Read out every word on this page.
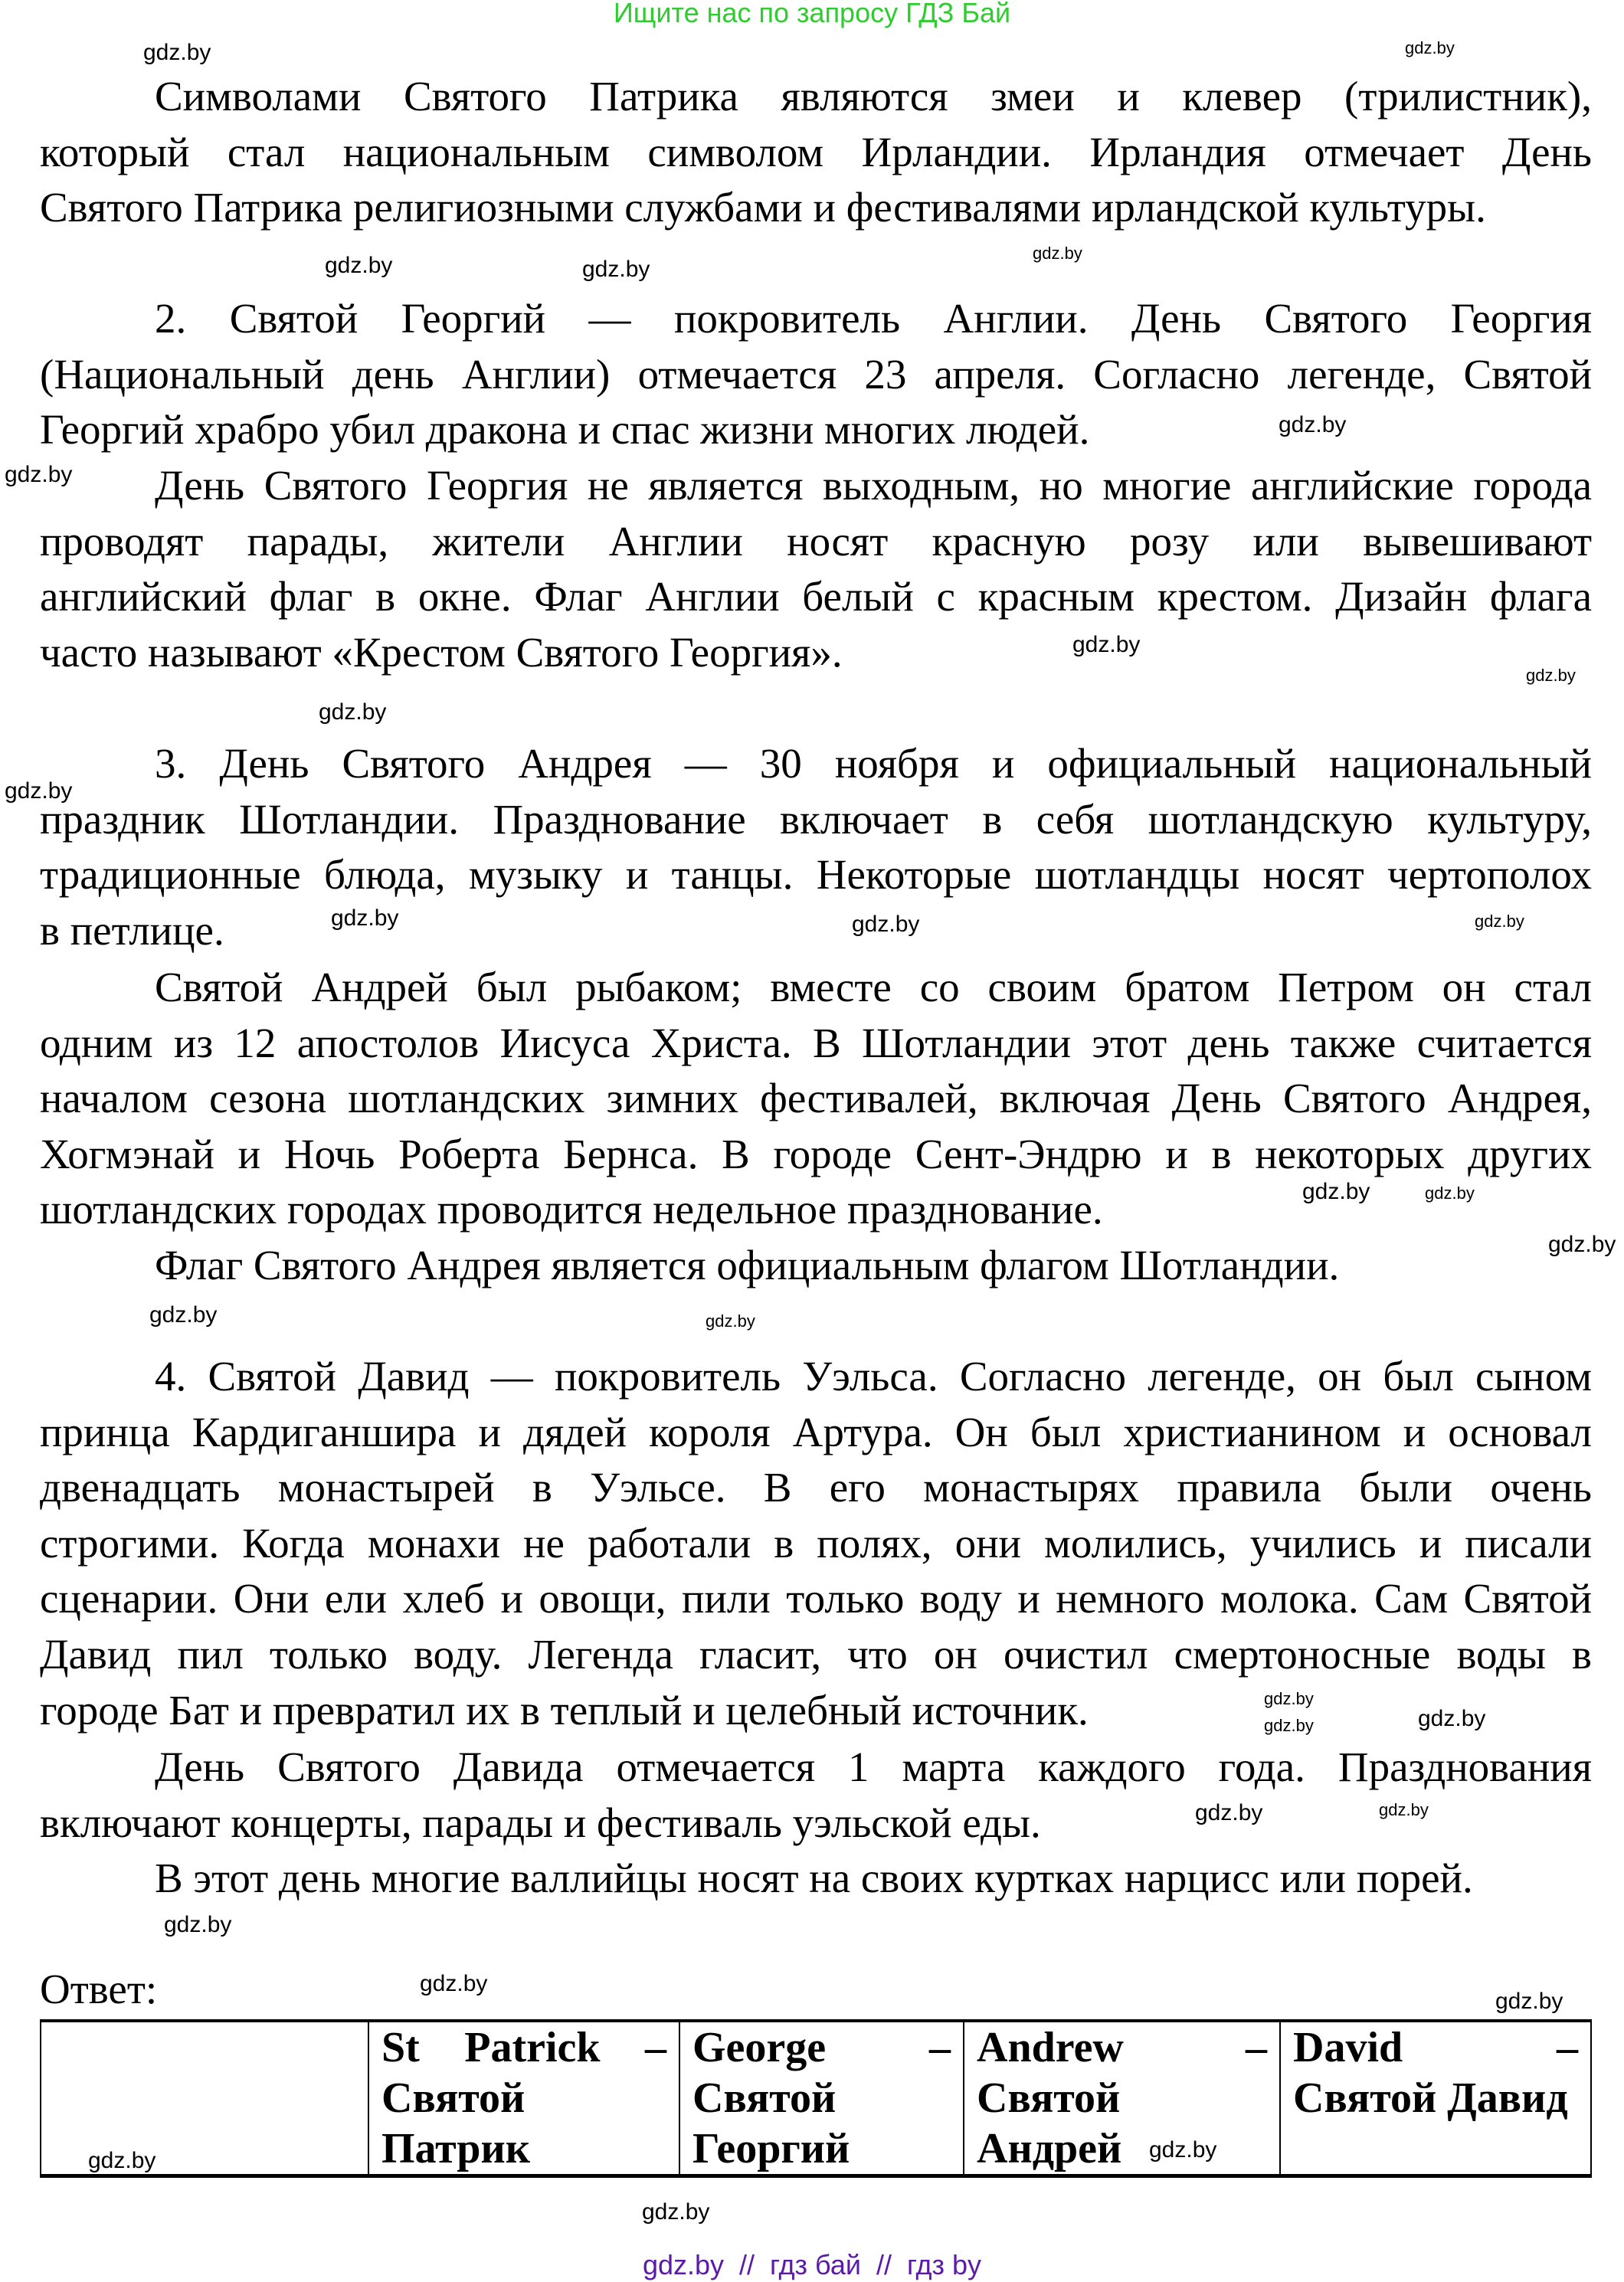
Ищите нас по запросу ГДЗ Бай
Символами Святого Патрика являются змеи и клевер (трилистник),
который стал национальным символом Ирландии. Ирландия отмечает День
Святого Патрика религиозными службами и фестивалями ирландской культуры.
2. Святой Георгий — покровитель Англии. День Святого Георгия
(Национальный день Англии) отмечается 23 апреля. Согласно легенде, Святой
Георгий храбро убил дракона и спас жизни многих людей.
День Святого Георгия не является выходным, но многие английские города
проводят парады, жители Англии носят красную розу или вывешивают
английский флаг в окне. Флаг Англии белый с красным крестом. Дизайн флага
часто называют «Крестом Святого Георгия».
3. День Святого Андрея — 30 ноября и официальный национальный
праздник Шотландии. Празднование включает в себя шотландскую культуру,
традиционные блюда, музыку и танцы. Некоторые шотландцы носят чертополох
в петлице.
Святой Андрей был рыбаком; вместе со своим братом Петром он стал
одним из 12 апостолов Иисуса Христа. В Шотландии этот день также считается
началом сезона шотландских зимних фестивалей, включая День Святого Андрея,
Хогмэнай и Ночь Роберта Бернса. В городе Сент-Эндрю и в некоторых других
шотландских городах проводится недельное празднование.
Флаг Святого Андрея является официальным флагом Шотландии.
4. Святой Давид — покровитель Уэльса. Согласно легенде, он был сыном
принца Кардиганшира и дядей короля Артура. Он был христианином и основал
двенадцать монастырей в Уэльсе. В его монастырях правила были очень
строгими. Когда монахи не работали в полях, они молились, учились и писали
сценарии. Они ели хлеб и овощи, пили только воду и немного молока. Сам Святой
Давид пил только воду. Легенда гласит, что он очистил смертоносные воды в
городе Бат и превратил их в теплый и целебный источник.
День Святого Давида отмечается 1 марта каждого года. Празднования
включают концерты, парады и фестиваль уэльской еды.
В этот день многие валлийцы носят на своих куртках нарцисс или порей.
Ответ:

St Patrick –
Святой
Патрик

George –
Святой
Георгий

Andrew –
Святой
Андрей

David –
Святой Давид
gdz.by	gdz.by
gdz.by
gdz.by	gdz.by
gdz.by
gdz.by
gdz.by
gdz.by
gdz.by
gdz.by
gdz.by	gdz.by
gdz.by
gdz.by
gdz.by
gdz.by
gdz.by	gdz.by
gdz.by
gdz.by	gdz.by
gdz.by
gdz.by
gdz.by
gdz.by
gdz.by
gdz.by
gdz.by
gdz.by
gdz.by  //  гдз бай  //  гдз by
